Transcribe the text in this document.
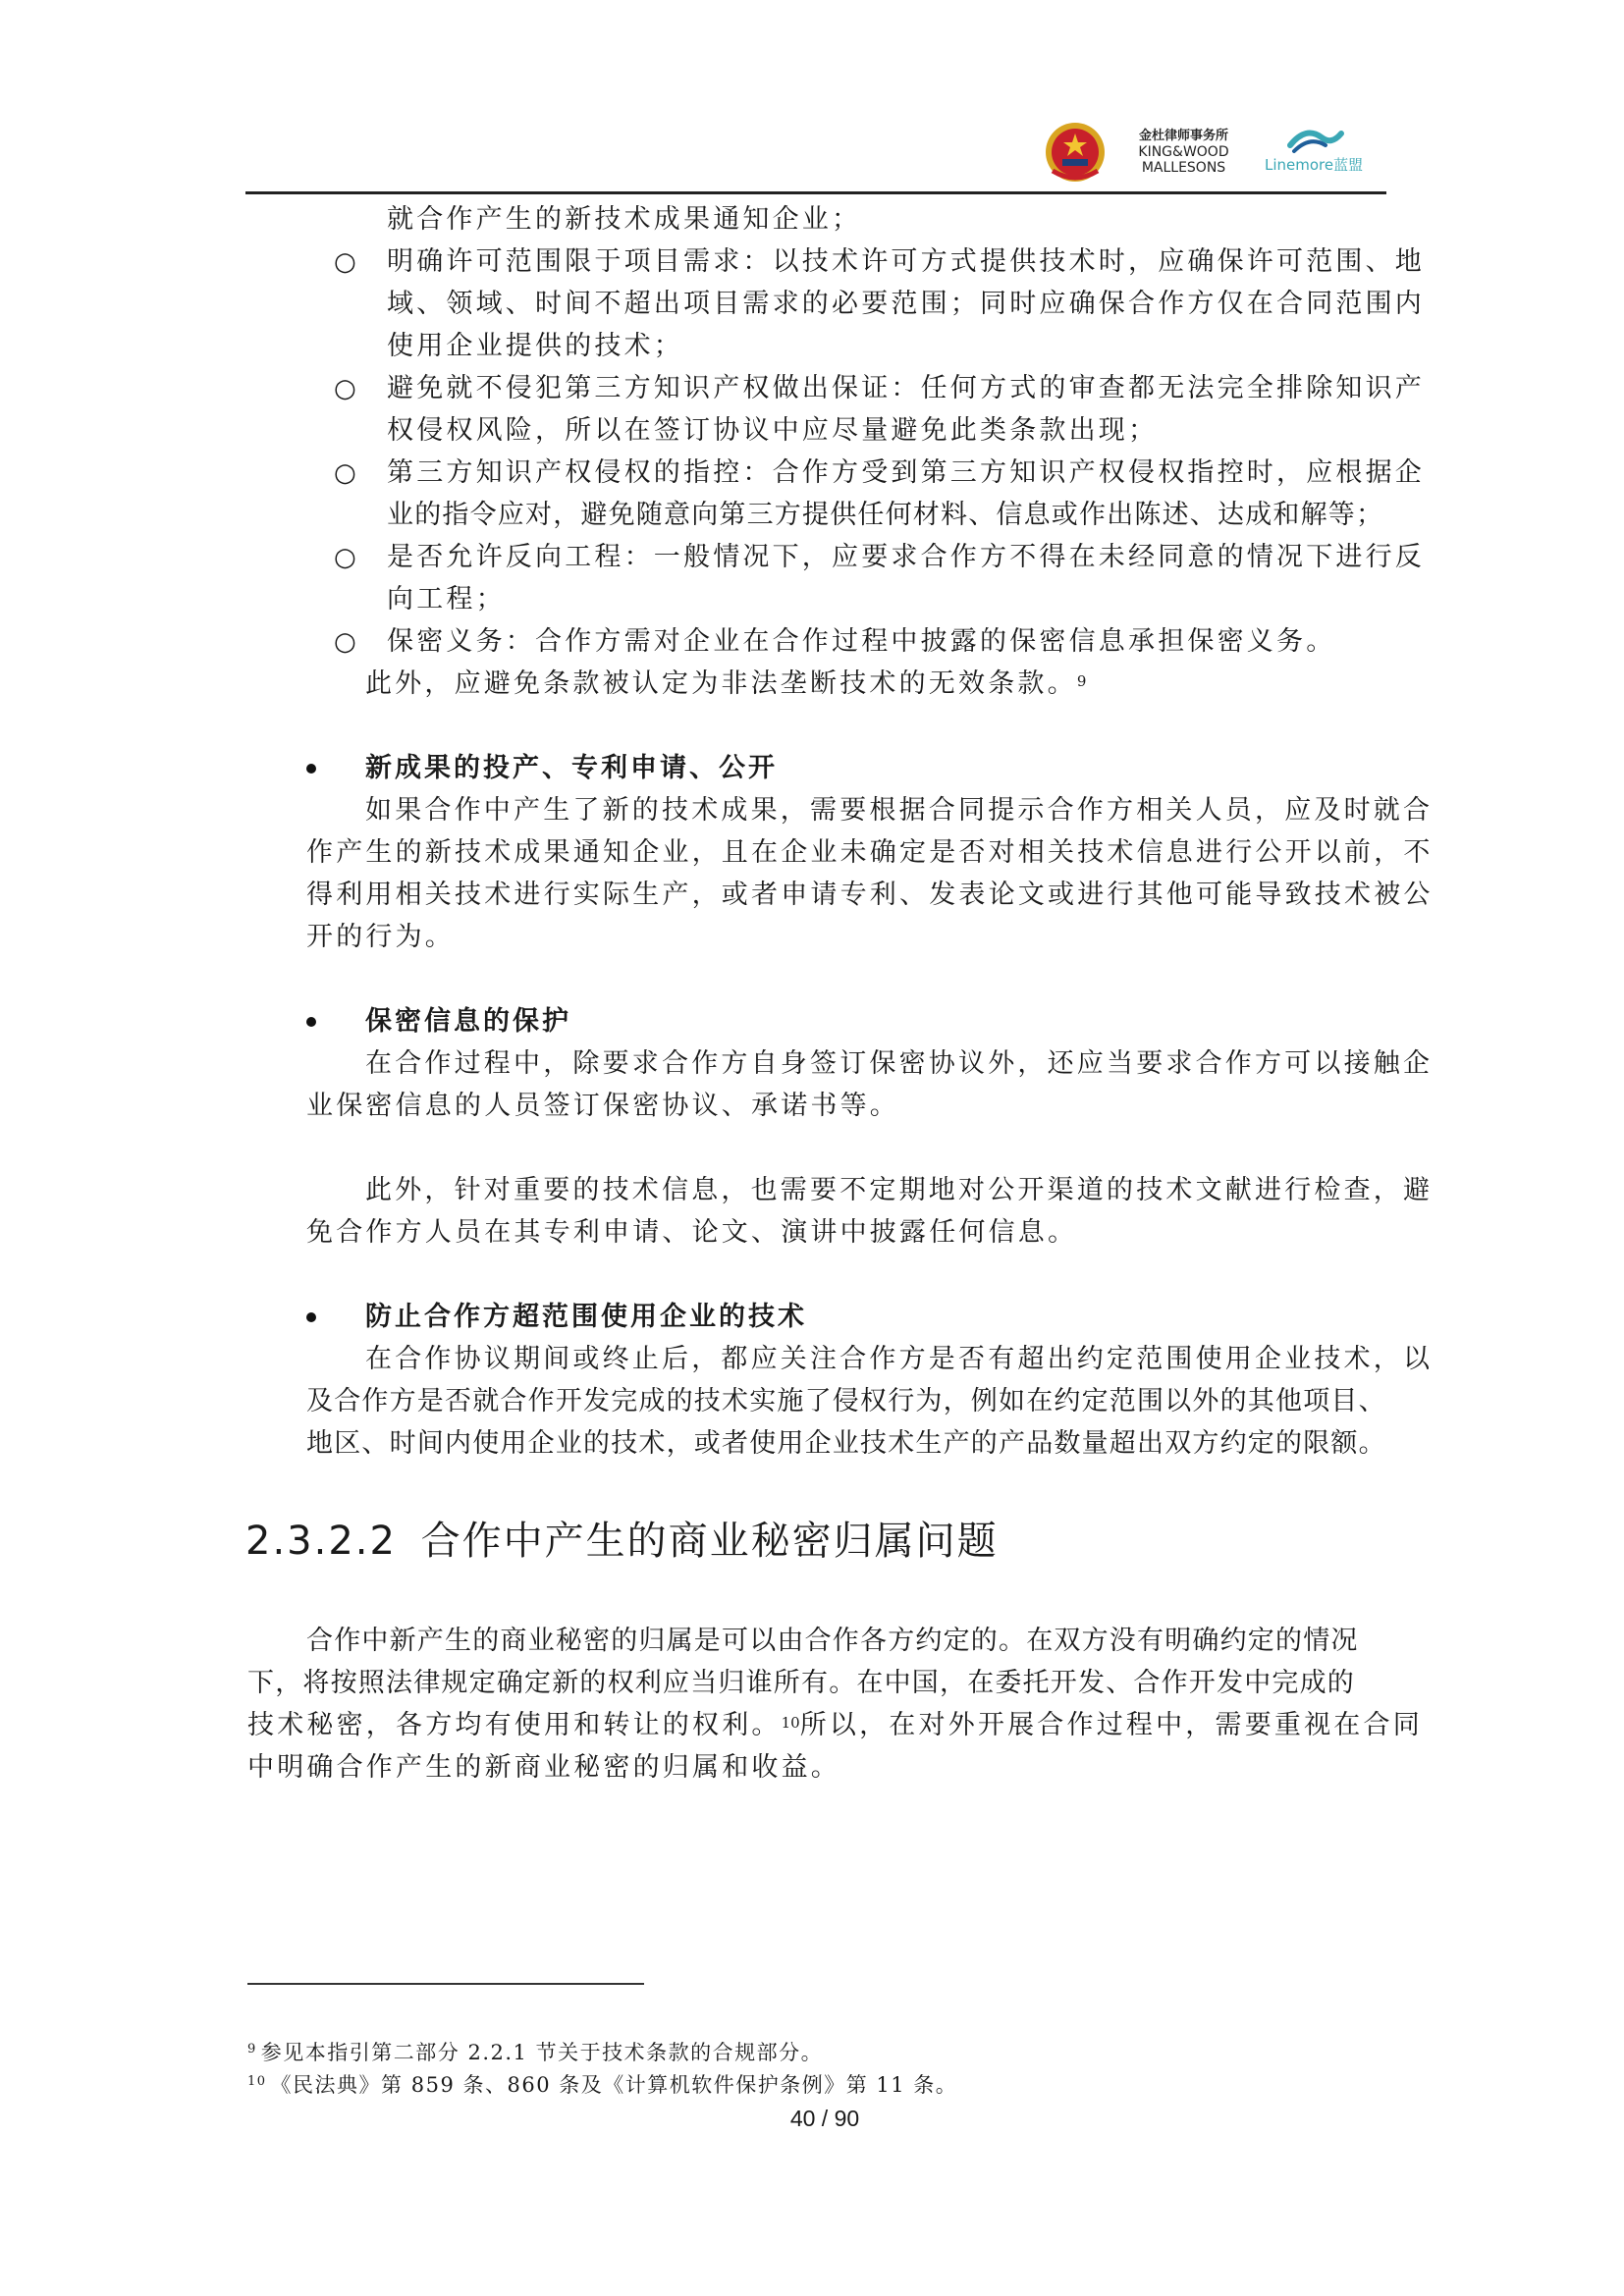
金杜律师事务所
KING&WOOD
MALLESONS	Linemore蓝盟
就合作产生的新技术成果通知企业；
○ 明确许可范围限于项目需求：以技术许可方式提供技术时，应确保许可范围、地
域、领域、时间不超出项目需求的必要范围；同时应确保合作方仅在合同范围内
使用企业提供的技术；
○ 避免就不侵犯第三方知识产权做出保证：任何方式的审查都无法完全排除知识产
权侵权风险，所以在签订协议中应尽量避免此类条款出现；
○ 第三方知识产权侵权的指控：合作方受到第三方知识产权侵权指控时，应根据企
业的指令应对，避免随意向第三方提供任何材料、信息或作出陈述、达成和解等；
○ 是否允许反向工程：一般情况下，应要求合作方不得在未经同意的情况下进行反
向工程；
○ 保密义务：合作方需对企业在合作过程中披露的保密信息承担保密义务。
此外，应避免条款被认定为非法垄断技术的无效条款。$^9$
新成果的投产、专利申请、公开
如果合作中产生了新的技术成果，需要根据合同提示合作方相关人员，应及时就合
作产生的新技术成果通知企业，且在企业未确定是否对相关技术信息进行公开以前，不
得利用相关技术进行实际生产，或者申请专利、发表论文或进行其他可能导致技术被公
开的行为。
保密信息的保护
在合作过程中，除要求合作方自身签订保密协议外，还应当要求合作方可以接触企
业保密信息的人员签订保密协议、承诺书等。
此外，针对重要的技术信息，也需要不定期地对公开渠道的技术文献进行检查，避
免合作方人员在其专利申请、论文、演讲中披露任何信息。
防止合作方超范围使用企业的技术
在合作协议期间或终止后，都应关注合作方是否有超出约定范围使用企业技术，以
及合作方是否就合作开发完成的技术实施了侵权行为，例如在约定范围以外的其他项目、
地区、时间内使用企业的技术，或者使用企业技术生产的产品数量超出双方约定的限额。
2.3.2.2 合作中产生的商业秘密归属问题
合作中新产生的商业秘密的归属是可以由合作各方约定的。在双方没有明确约定的情况
下，将按照法律规定确定新的权利应当归谁所有。在中国，在委托开发、合作开发中完成的
技术秘密，各方均有使用和转让的权利。$^{10}$所以，在对外开展合作过程中，需要重视在合同
中明确合作产生的新商业秘密的归属和收益。
$^9$ 参见本指引第二部分 2.2.1 节关于技术条款的合规部分。
$^{10}$ 《民法典》第 859 条、860 条及《计算机软件保护条例》第 11 条。
40 / 90
